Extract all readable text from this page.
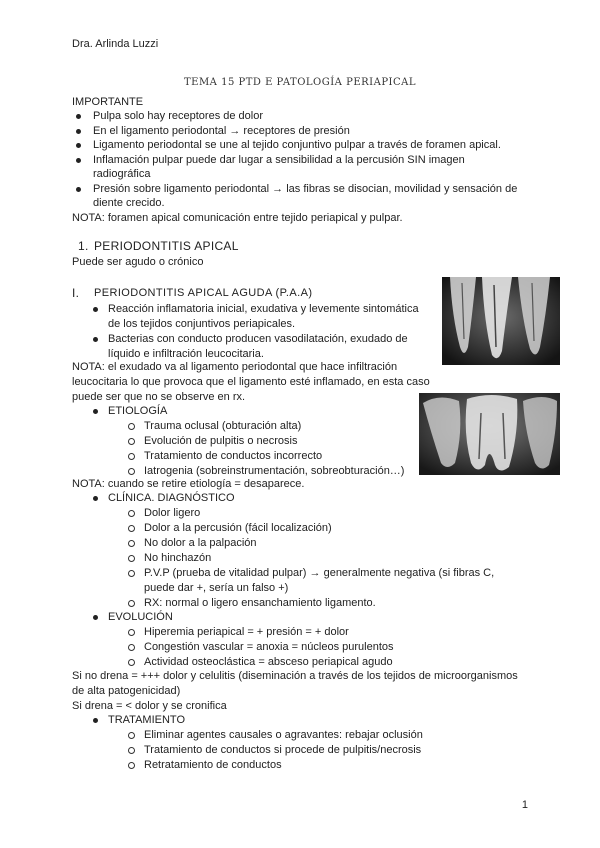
Dra. Arlinda Luzzi
TEMA 15 PTD E PATOLOGÍA PERIAPICAL
IMPORTANTE
Pulpa solo hay receptores de dolor
En el ligamento periodontal → receptores de presión
Ligamento periodontal se une al tejido conjuntivo pulpar a través de foramen apical.
Inflamación pulpar puede dar lugar a sensibilidad a la percusión SIN imagen
radiográfica
Presión sobre ligamento periodontal → las fibras se disocian, movilidad y sensación de
diente crecido.
NOTA: foramen apical comunicación entre tejido periapical y pulpar.
1. PERIODONTITIS APICAL
Puede ser agudo o crónico
I. PERIODONTITIS APICAL AGUDA (P.A.A)
Reacción inflamatoria inicial, exudativa y levemente sintomática
de los tejidos conjuntivos periapicales.
Bacterias con conducto producen vasodilatación, exudado de
líquido e infiltración leucocitaria.
NOTA: el exudado va al ligamento periodontal que hace infiltración
leucocitaria lo que provoca que el ligamento esté inflamado, en esta caso
puede ser que no se observe en rx.
ETIOLOGÍA
Trauma oclusal (obturación alta)
Evolución de pulpitis o necrosis
Tratamiento de conductos incorrecto
Iatrogenia (sobreinstrumentación, sobreobturación…)
NOTA: cuando se retire etiología = desaparece.
CLÍNICA. DIAGNÓSTICO
Dolor ligero
Dolor a la percusión (fácil localización)
No dolor a la palpación
No hinchazón
P.V.P (prueba de vitalidad pulpar) → generalmente negativa (si fibras C,
puede dar +, sería un falso +)
RX: normal o ligero ensanchamiento ligamento.
EVOLUCIÓN
Hiperemia periapical = + presión = + dolor
Congestión vascular = anoxia = núcleos purulentos
Actividad osteoclástica = absceso periapical agudo
Si no drena = +++ dolor y celulitis (diseminación a través de los tejidos de microorganismos
de alta patogenicidad)
Si drena = < dolor y se cronifica
TRATAMIENTO
Eliminar agentes causales o agravantes: rebajar oclusión
Tratamiento de conductos si procede de pulpitis/necrosis
Retratamiento de conductos
1
